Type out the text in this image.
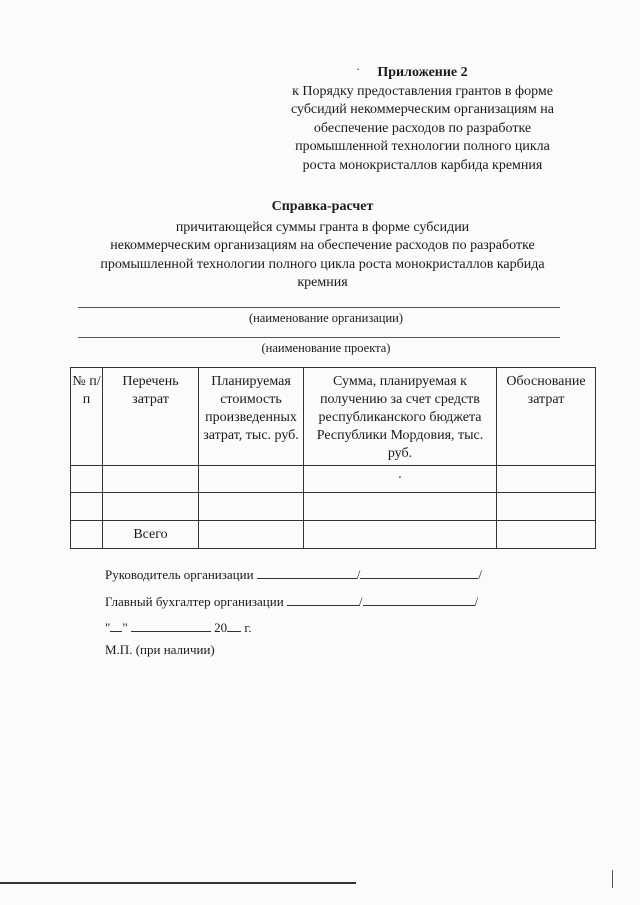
·	Приложение 2
к Порядку предоставления грантов в форме
субсидий некоммерческим организациям на
обеспечение расходов по разработке
промышленной технологии полного цикла
роста монокристаллов карбида кремния
Справка-расчет
причитающейся суммы гранта в форме субсидии
некоммерческим организациям на обеспечение расходов по разработке
промышленной технологии полного цикла роста монокристаллов карбида
кремния
(наименование организации)
(наименование проекта)
№ п/п	Перечень затрат	Планируемая стоимость произведенных затрат, тыс. руб.	Сумма, планируемая к получению за счет средств республиканского бюджета Республики Мордовия, тыс. руб.	Обоснование затрат
			·	

	Всего			
Руководитель организации	/	/
Главный бухгалтер организации	/	/
" "	20 г.
М.П. (при наличии)
